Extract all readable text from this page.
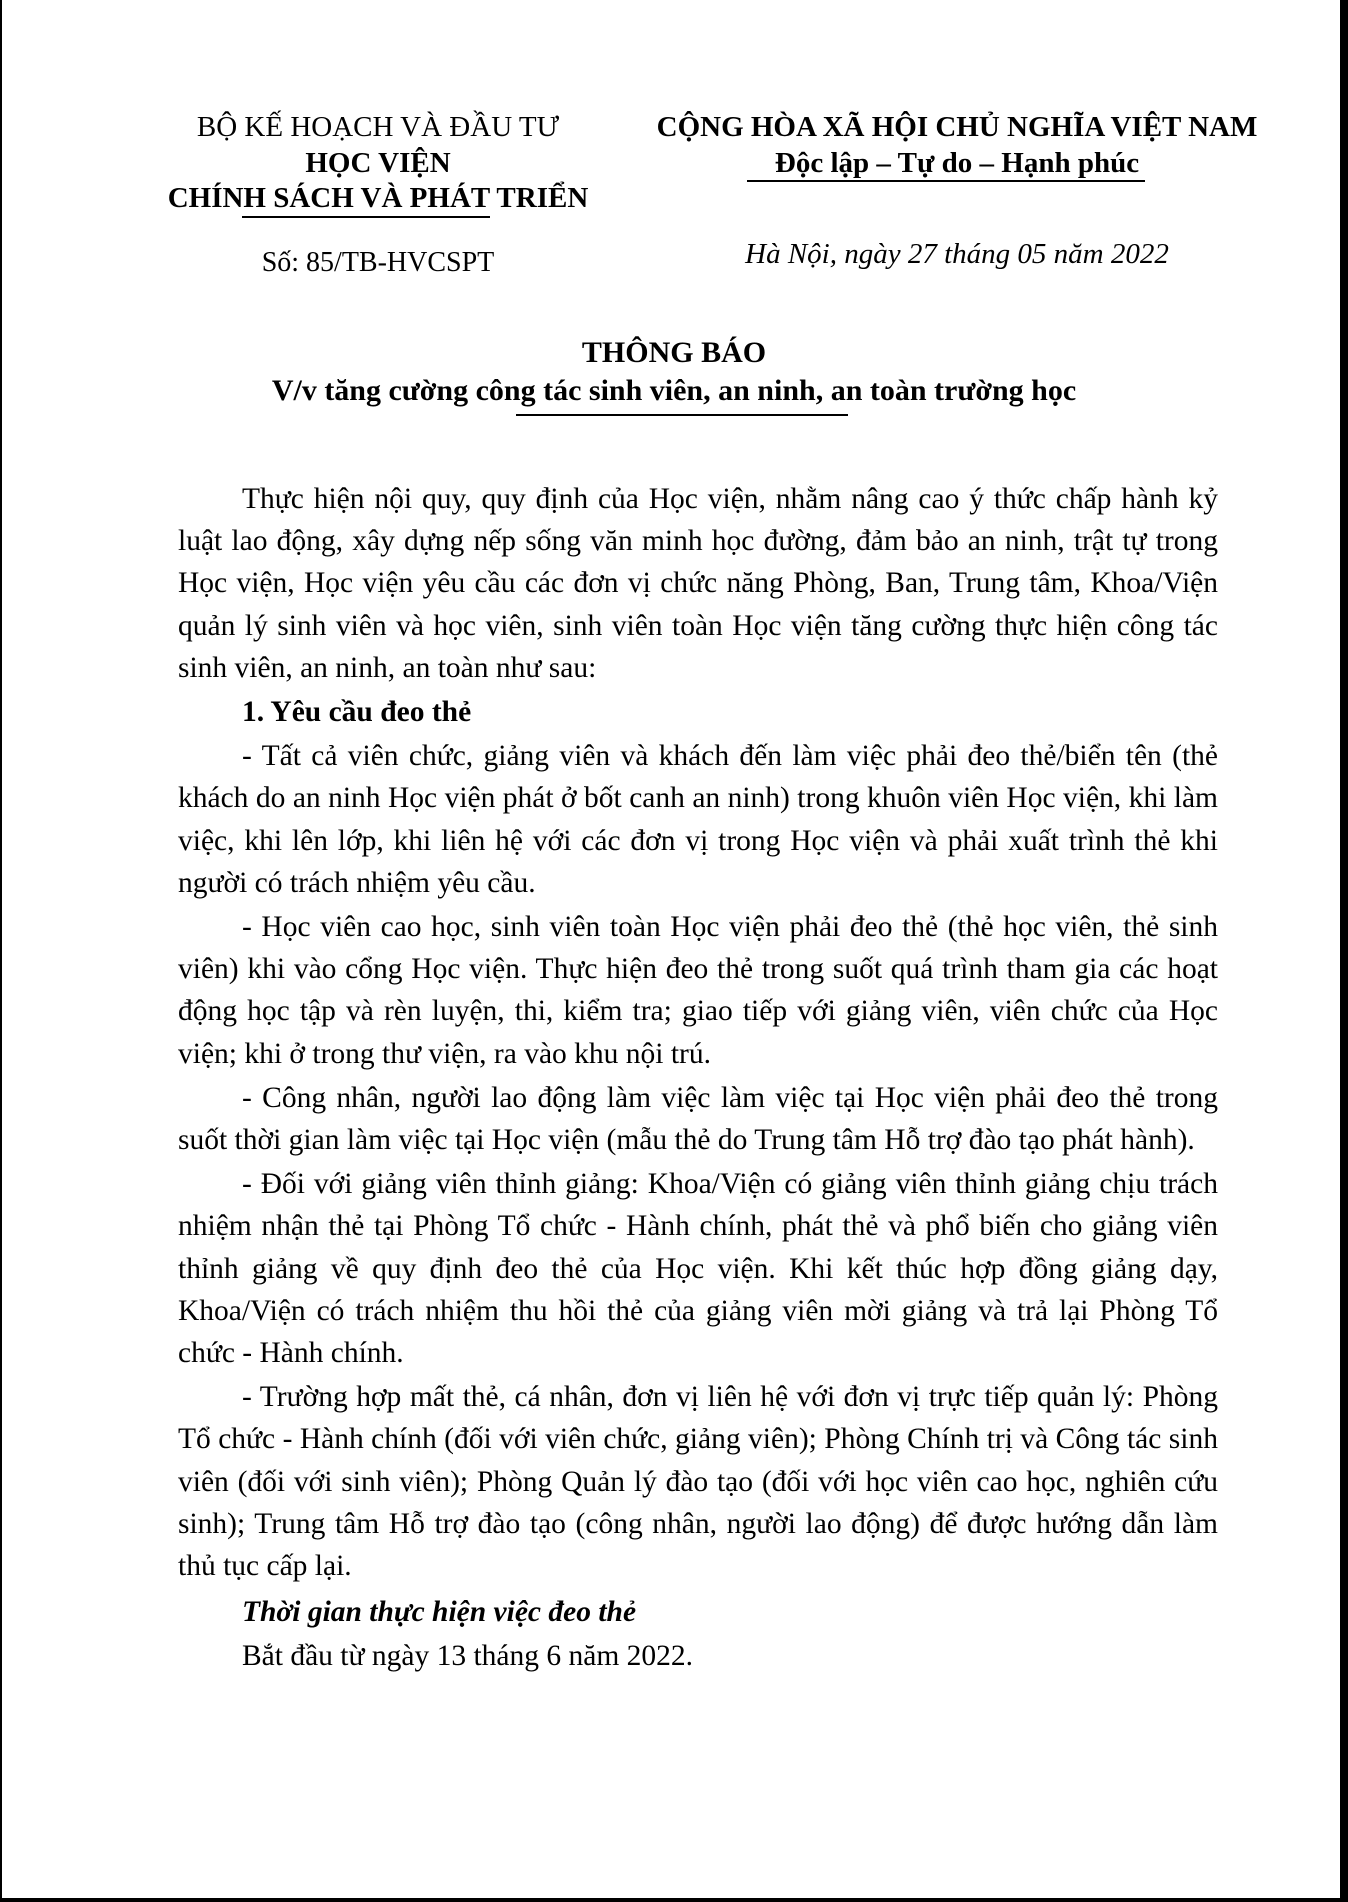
BỘ KẾ HOẠCH VÀ ĐẦU TƯ
HỌC VIỆN
CHÍNH SÁCH VÀ PHÁT TRIỂN
Số: 85/TB-HVCSPT
CỘNG HÒA XÃ HỘI CHỦ NGHĨA VIỆT NAM
Độc lập – Tự do – Hạnh phúc
Hà Nội, ngày 27 tháng 05 năm 2022
THÔNG BÁO
V/v tăng cường công tác sinh viên, an ninh, an toàn trường học

Thực hiện nội quy, quy định của Học viện, nhằm nâng cao ý thức chấp hành kỷ luật lao động, xây dựng nếp sống văn minh học đường, đảm bảo an ninh, trật tự trong Học viện, Học viện yêu cầu các đơn vị chức năng Phòng, Ban, Trung tâm, Khoa/Viện quản lý sinh viên và học viên, sinh viên toàn Học viện tăng cường thực hiện công tác sinh viên, an ninh, an toàn như sau:

1. Yêu cầu đeo thẻ

- Tất cả viên chức, giảng viên và khách đến làm việc phải đeo thẻ/biển tên (thẻ khách do an ninh Học viện phát ở bốt canh an ninh) trong khuôn viên Học viện, khi làm việc, khi lên lớp, khi liên hệ với các đơn vị trong Học viện và phải xuất trình thẻ khi người có trách nhiệm yêu cầu.

- Học viên cao học, sinh viên toàn Học viện phải đeo thẻ (thẻ học viên, thẻ sinh viên) khi vào cổng Học viện. Thực hiện đeo thẻ trong suốt quá trình tham gia các hoạt động học tập và rèn luyện, thi, kiểm tra; giao tiếp với giảng viên, viên chức của Học viện; khi ở trong thư viện, ra vào khu nội trú.

- Công nhân, người lao động làm việc làm việc tại Học viện phải đeo thẻ trong suốt thời gian làm việc tại Học viện (mẫu thẻ do Trung tâm Hỗ trợ đào tạo phát hành).

- Đối với giảng viên thỉnh giảng: Khoa/Viện có giảng viên thỉnh giảng chịu trách nhiệm nhận thẻ tại Phòng Tổ chức - Hành chính, phát thẻ và phổ biến cho giảng viên thỉnh giảng về quy định đeo thẻ của Học viện. Khi kết thúc hợp đồng giảng dạy, Khoa/Viện có trách nhiệm thu hồi thẻ của giảng viên mời giảng và trả lại Phòng Tổ chức - Hành chính.

- Trường hợp mất thẻ, cá nhân, đơn vị liên hệ với đơn vị trực tiếp quản lý: Phòng Tổ chức - Hành chính (đối với viên chức, giảng viên); Phòng Chính trị và Công tác sinh viên (đối với sinh viên); Phòng Quản lý đào tạo (đối với học viên cao học, nghiên cứu sinh); Trung tâm Hỗ trợ đào tạo (công nhân, người lao động) để được hướng dẫn làm thủ tục cấp lại.

Thời gian thực hiện việc đeo thẻ

Bắt đầu từ ngày 13 tháng 6 năm 2022.
